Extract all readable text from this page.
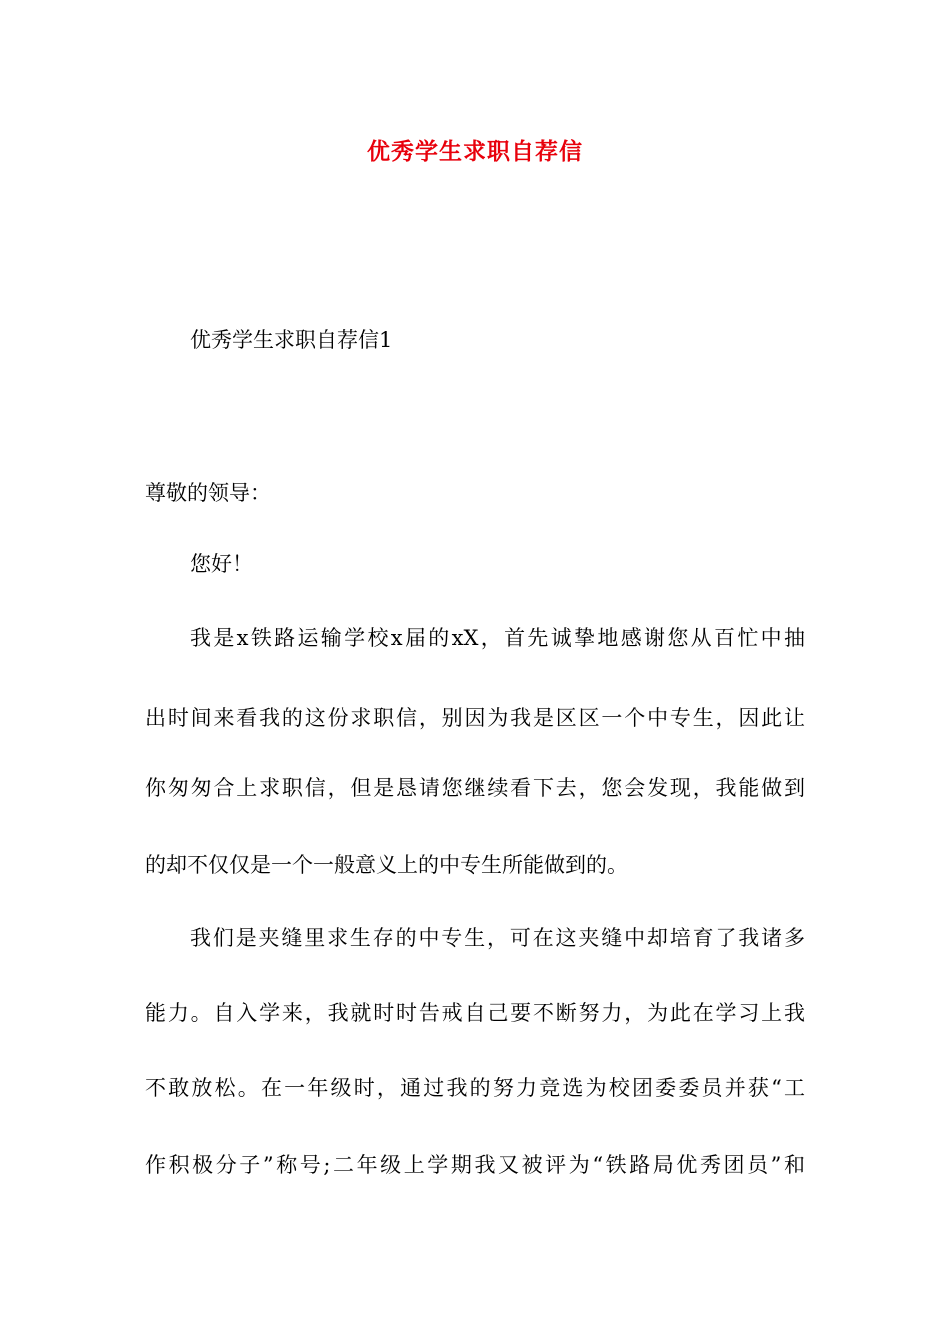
优秀学生求职自荐信

优秀学生求职自荐信1

尊敬的领导：

您好！

我是x铁路运输学校x届的xX，首先诚挚地感谢您从百忙中抽

出时间来看我的这份求职信，别因为我是区区一个中专生，因此让

你匆匆合上求职信，但是恳请您继续看下去，您会发现，我能做到

的却不仅仅是一个一般意义上的中专生所能做到的。

我们是夹缝里求生存的中专生，可在这夹缝中却培育了我诸多

能力。自入学来，我就时时告戒自己要不断努力，为此在学习上我

不敢放松。在一年级时，通过我的努力竞选为校团委委员并获“工

作积极分子”称号;二年级上学期我又被评为“铁路局优秀团员”和
